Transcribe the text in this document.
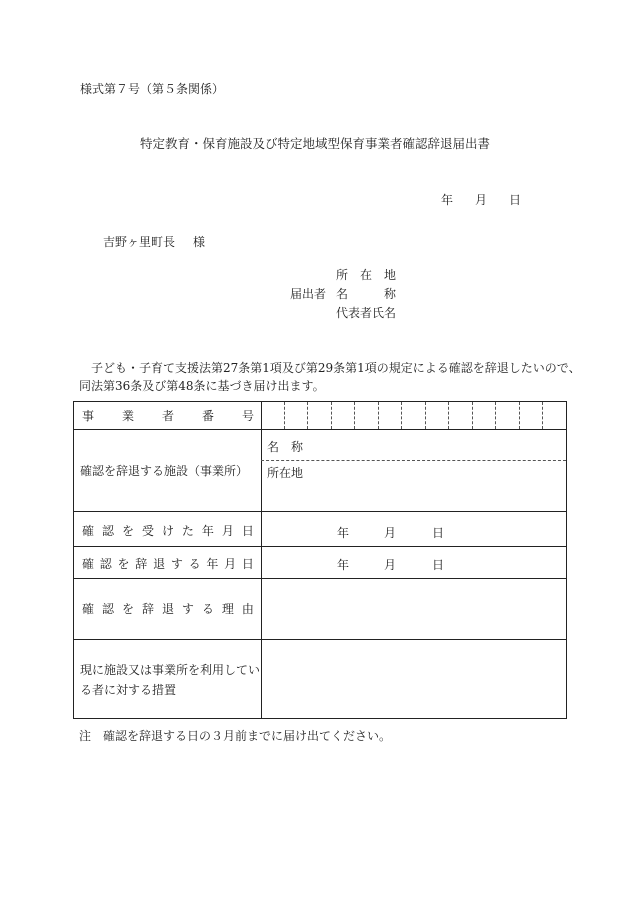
様式第７号（第５条関係）
特定教育・保育施設及び特定地域型保育事業者確認辞退届出書
年 月 日
吉野ヶ里町長 様
届出者
所　在　地
名　　　称
代表者氏名
子ども・子育て支援法第27条第1項及び第29条第1項の規定による確認を辞退したいので、
同法第36条及び第48条に基づき届け出ます。
事 業 者 番 号
確認を辞退する施設（事業所）
名　称
所在地
確 認 を 受 け た 年 月 日	年	月	日
確 認 を 辞 退 す る 年 月 日	年	月	日
確 認 を 辞 退 す る 理 由
現に施設又は事業所を利用してい
る者に対する措置
注　確認を辞退する日の３月前までに届け出てください。
